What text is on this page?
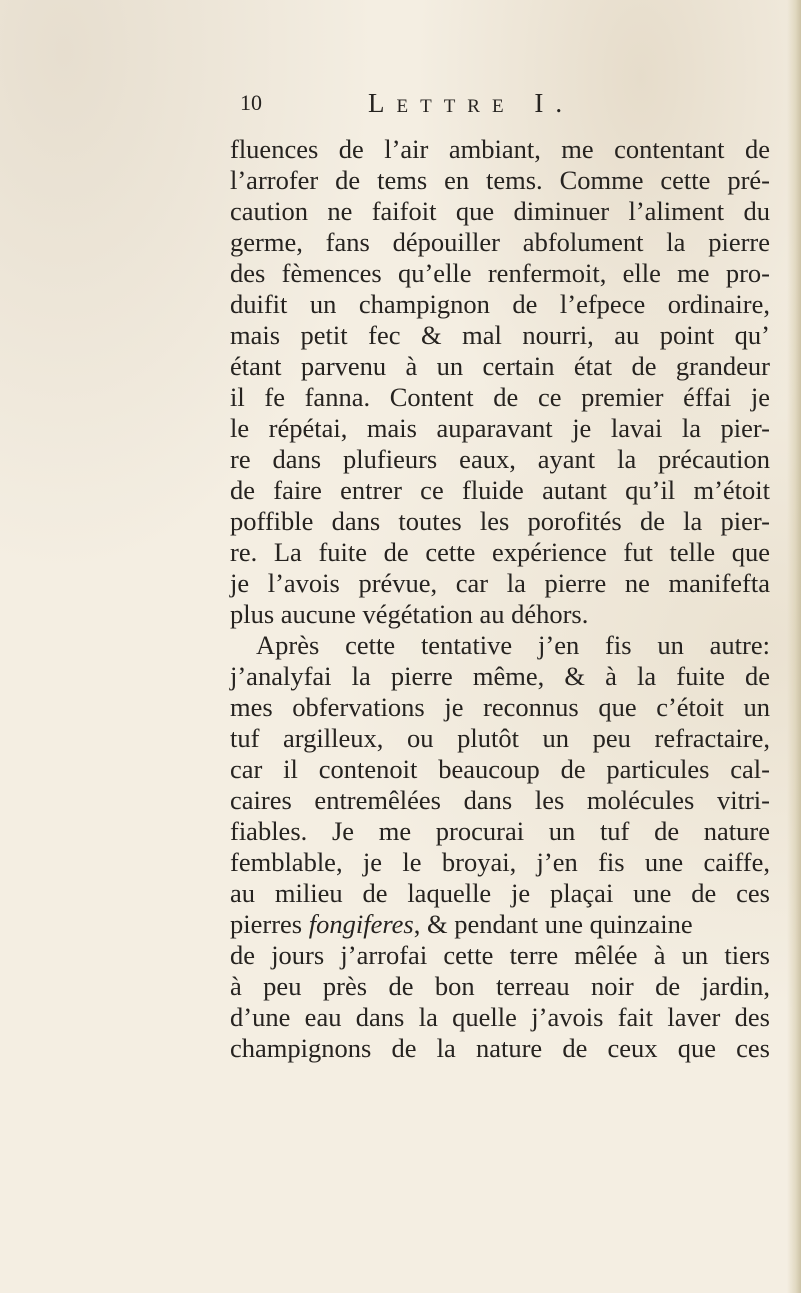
10	Lettre I.
fluences de l’air ambiant, me contentant de
l’arrofer de tems en tems. Comme cette pré-
caution ne faifoit que diminuer l’aliment du
germe, fans dépouiller abfolument la pierre
des fèmences qu’elle renfermoit, elle me pro-
duifit un champignon de l’efpece ordinaire,
mais petit fec & mal nourri, au point qu’
étant parvenu à un certain état de grandeur
il fe fanna. Content de ce premier éffai je
le répétai, mais auparavant je lavai la pier-
re dans plufieurs eaux, ayant la précaution
de faire entrer ce fluide autant qu’il m’étoit
poffible dans toutes les porofités de la pier-
re. La fuite de cette expérience fut telle que
je l’avois prévue, car la pierre ne manifefta
plus aucune végétation au déhors.
Après cette tentative j’en fis un autre:
j’analyfai la pierre même, & à la fuite de
mes obfervations je reconnus que c’étoit un
tuf argilleux, ou plutôt un peu refractaire,
car il contenoit beaucoup de particules cal-
caires entremêlées dans les molécules vitri-
fiables. Je me procurai un tuf de nature
femblable, je le broyai, j’en fis une caiffe,
au milieu de laquelle je plaçai une de ces
pierres fongiferes, & pendant une quinzaine
de jours j’arrofai cette terre mêlée à un tiers
à peu près de bon terreau noir de jardin,
d’une eau dans la quelle j’avois fait laver des
champignons de la nature de ceux que ces
